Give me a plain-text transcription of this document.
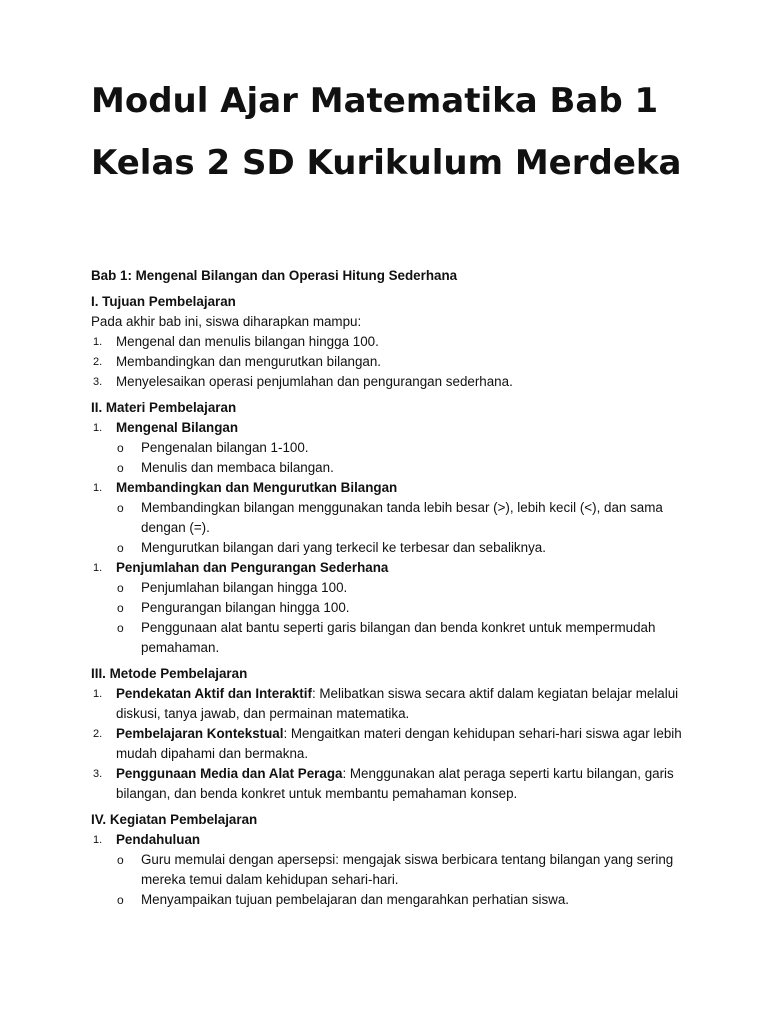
Modul Ajar Matematika Bab 1 Kelas 2 SD Kurikulum Merdeka

Bab 1: Mengenal Bilangan dan Operasi Hitung Sederhana

I. Tujuan Pembelajaran

Pada akhir bab ini, siswa diharapkan mampu:

1. Mengenal dan menulis bilangan hingga 100.
2. Membandingkan dan mengurutkan bilangan.
3. Menyelesaikan operasi penjumlahan dan pengurangan sederhana.

II. Materi Pembelajaran

1. Mengenal Bilangan
o Pengenalan bilangan 1-100.
o Menulis dan membaca bilangan.
1. Membandingkan dan Mengurutkan Bilangan
o Membandingkan bilangan menggunakan tanda lebih besar (>), lebih kecil (<), dan sama dengan (=).
o Mengurutkan bilangan dari yang terkecil ke terbesar dan sebaliknya.
1. Penjumlahan dan Pengurangan Sederhana
o Penjumlahan bilangan hingga 100.
o Pengurangan bilangan hingga 100.
o Penggunaan alat bantu seperti garis bilangan dan benda konkret untuk mempermudah pemahaman.

III. Metode Pembelajaran

1. Pendekatan Aktif dan Interaktif: Melibatkan siswa secara aktif dalam kegiatan belajar melalui diskusi, tanya jawab, dan permainan matematika.
2. Pembelajaran Kontekstual: Mengaitkan materi dengan kehidupan sehari-hari siswa agar lebih mudah dipahami dan bermakna.
3. Penggunaan Media dan Alat Peraga: Menggunakan alat peraga seperti kartu bilangan, garis bilangan, dan benda konkret untuk membantu pemahaman konsep.

IV. Kegiatan Pembelajaran

1. Pendahuluan
o Guru memulai dengan apersepsi: mengajak siswa berbicara tentang bilangan yang sering mereka temui dalam kehidupan sehari-hari.
o Menyampaikan tujuan pembelajaran dan mengarahkan perhatian siswa.
